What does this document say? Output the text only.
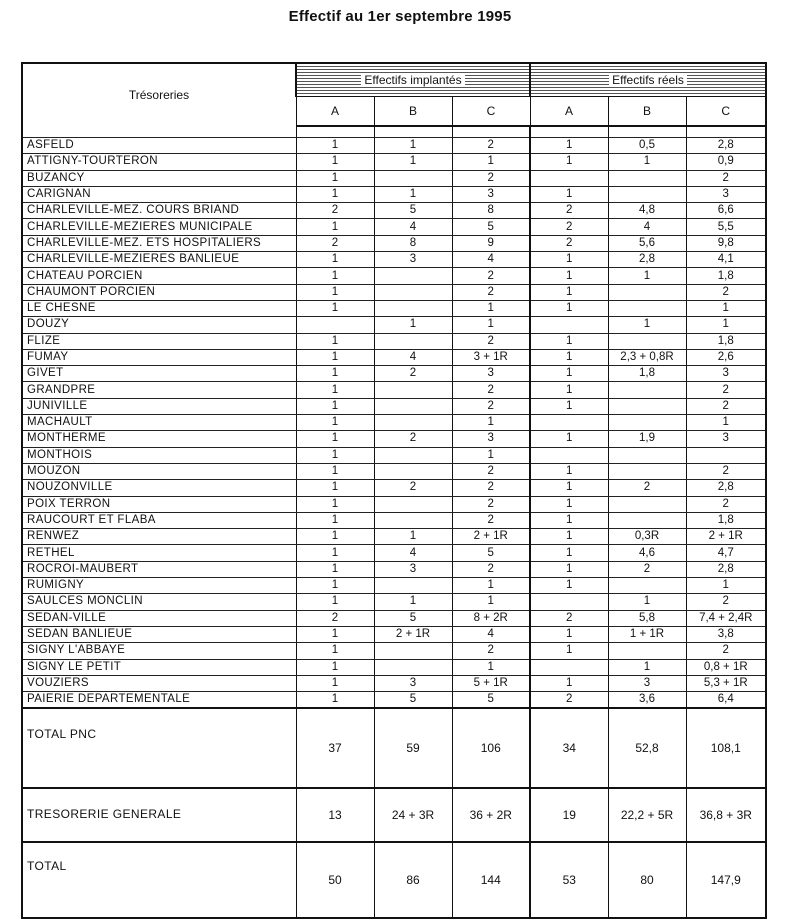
Effectif au 1er septembre 1995
Trésoreries	Effectifs implantés			Effectifs réels		
	A	B	C	A	B	C

ASFELD	1	1	2	1	0,5	2,8
ATTIGNY-TOURTERON	1	1	1	1	1	0,9
BUZANCY	1		2			2
CARIGNAN	1	1	3	1		3
CHARLEVILLE-MEZ. COURS BRIAND	2	5	8	2	4,8	6,6
CHARLEVILLE-MEZIERES MUNICIPALE	1	4	5	2	4	5,5
CHARLEVILLE-MEZ. ETS HOSPITALIERS	2	8	9	2	5,6	9,8
CHARLEVILLE-MEZIERES BANLIEUE	1	3	4	1	2,8	4,1
CHATEAU PORCIEN	1		2	1	1	1,8
CHAUMONT PORCIEN	1		2	1		2
LE CHESNE	1		1	1		1
DOUZY		1	1		1	1
FLIZE	1		2	1		1,8
FUMAY	1	4	3 + 1R	1	2,3 + 0,8R	2,6
GIVET	1	2	3	1	1,8	3
GRANDPRE	1		2	1		2
JUNIVILLE	1		2	1		2
MACHAULT	1		1			1
MONTHERME	1	2	3	1	1,9	3
MONTHOIS	1		1			
MOUZON	1		2	1		2
NOUZONVILLE	1	2	2	1	2	2,8
POIX TERRON	1		2	1		2
RAUCOURT ET FLABA	1		2	1		1,8
RENWEZ	1	1	2 + 1R	1	0,3R	2 + 1R
RETHEL	1	4	5	1	4,6	4,7
ROCROI-MAUBERT	1	3	2	1	2	2,8
RUMIGNY	1		1	1		1
SAULCES MONCLIN	1	1	1		1	2
SEDAN-VILLE	2	5	8 + 2R	2	5,8	7,4 + 2,4R
SEDAN BANLIEUE	1	2 + 1R	4	1	1 + 1R	3,8
SIGNY L'ABBAYE	1		2	1		2
SIGNY LE PETIT	1		1		1	0,8 + 1R
VOUZIERS	1	3	5 + 1R	1	3	5,3 + 1R
PAIERIE DEPARTEMENTALE	1	5	5	2	3,6	6,4
TOTAL PNC	37	59	106	34	52,8	108,1
TRESORERIE GENERALE	13	24 + 3R	36 + 2R	19	22,2 + 5R	36,8 + 3R
TOTAL	50	86	144	53	80	147,9
